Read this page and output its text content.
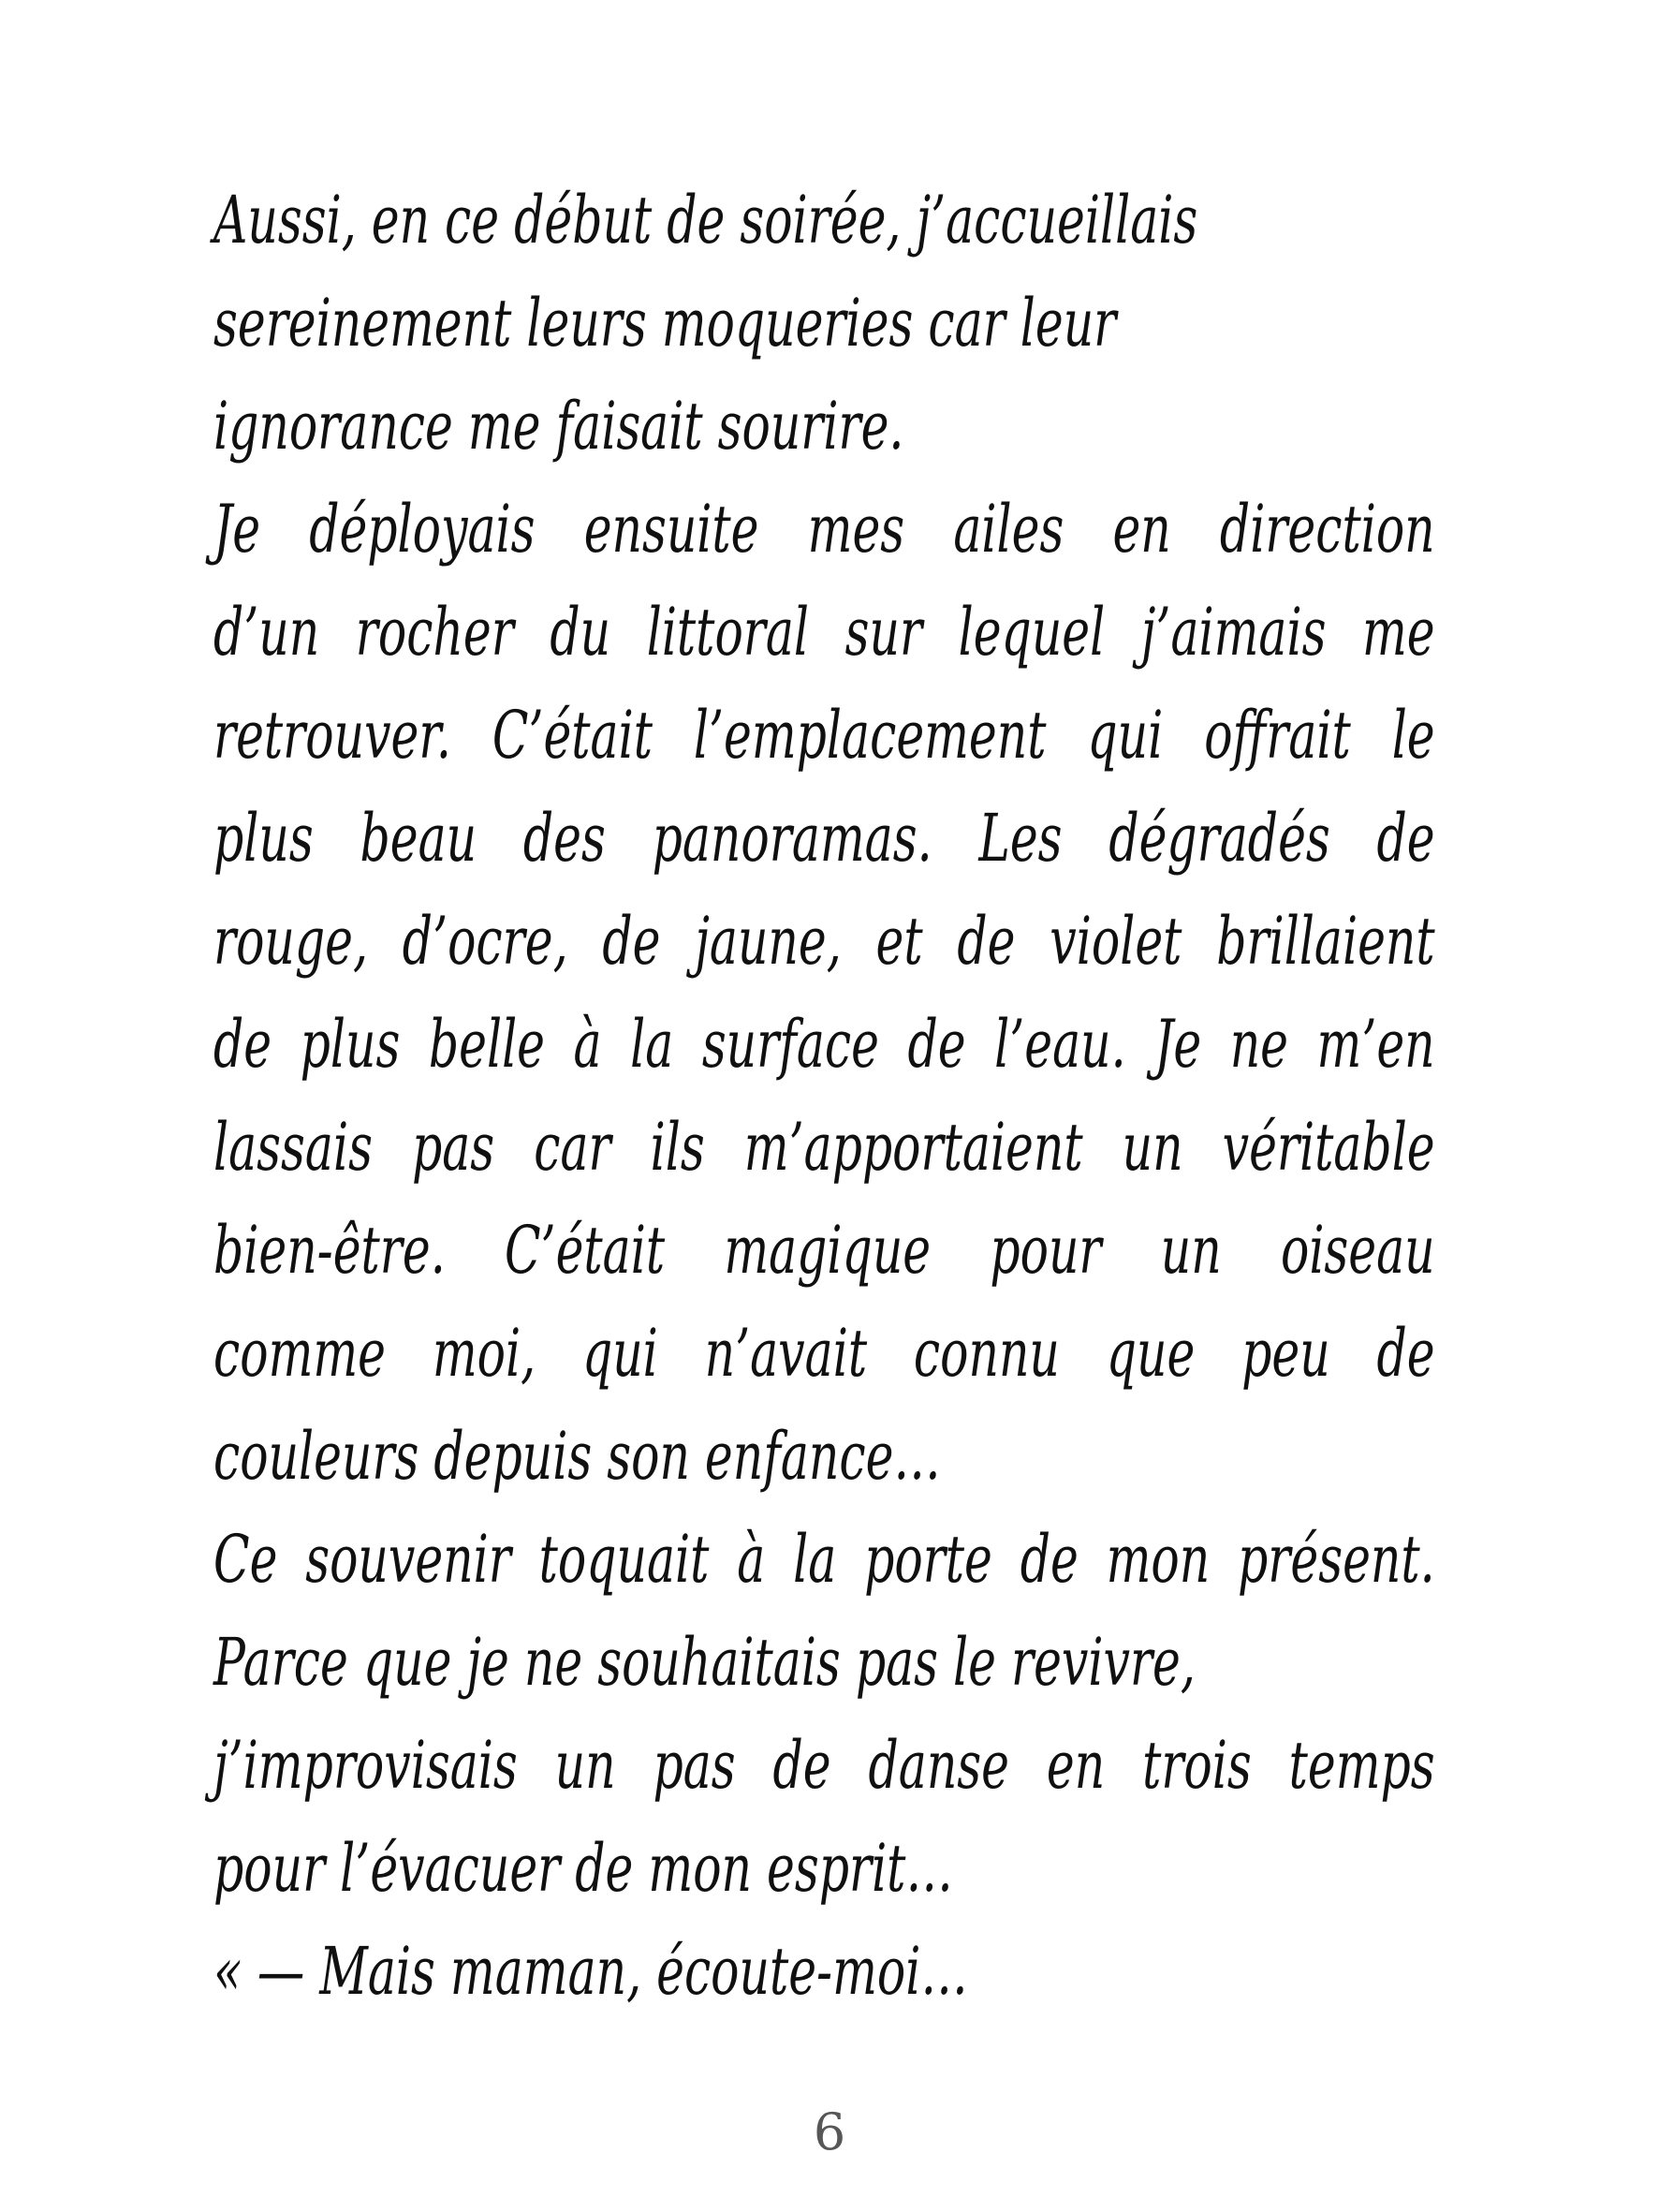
Aussi, en ce début de soirée, j’accueillais
sereinement leurs moqueries car leur
ignorance me faisait sourire.
Je déployais ensuite mes ailes en direction
d’un rocher du littoral sur lequel j’aimais me
retrouver. C’était l’emplacement qui offrait le
plus beau des panoramas. Les dégradés de
rouge, d’ocre, de jaune, et de violet brillaient
de plus belle à la surface de l’eau. Je ne m’en
lassais pas car ils m’apportaient un véritable
bien-être. C’était magique pour un oiseau
comme moi, qui n’avait connu que peu de
couleurs depuis son enfance…
Ce souvenir toquait à la porte de mon présent.
Parce que je ne souhaitais pas le revivre,
j’improvisais un pas de danse en trois temps
pour l’évacuer de mon esprit…
« — Mais maman, écoute-moi…
6
